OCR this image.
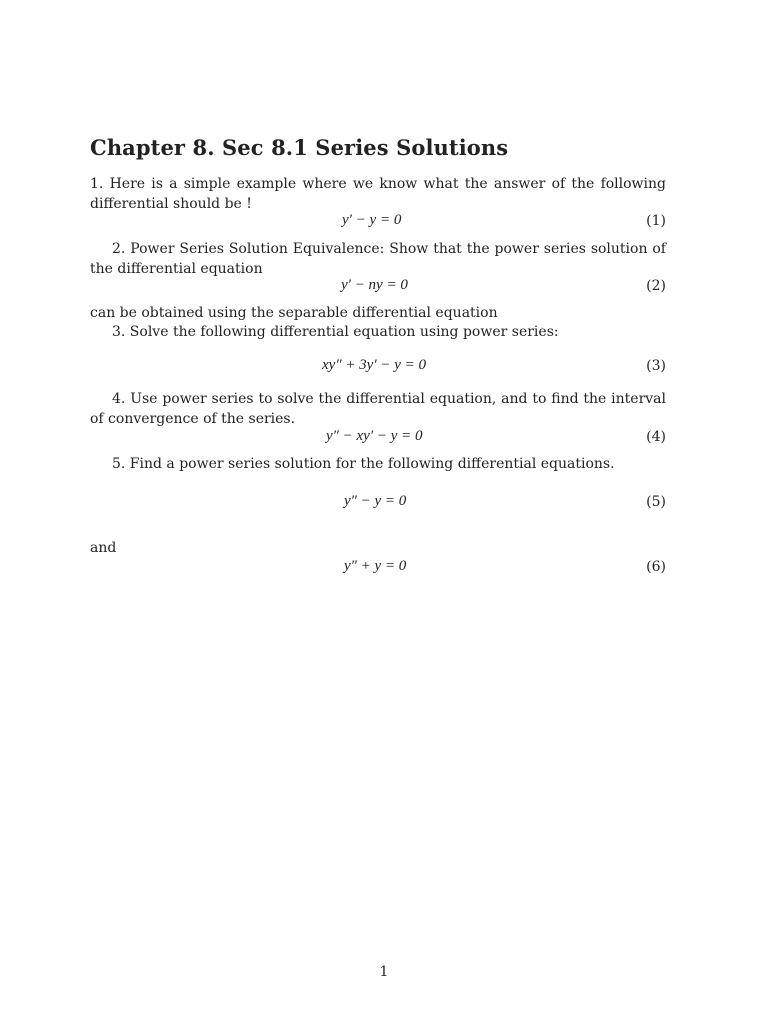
Chapter 8. Sec 8.1 Series Solutions

1. Here is a simple example where we know what the answer of the following differential should be !

y′ − y = 0	(1)

2. Power Series Solution Equivalence: Show that the power series solution of the differential equation

y′ − ny = 0	(2)

can be obtained using the separable differential equation

3. Solve the following differential equation using power series:

xy″ + 3y′ − y = 0	(3)

4. Use power series to solve the differential equation, and to find the interval of convergence of the series.

y″ − xy′ − y = 0	(4)

5. Find a power series solution for the following differential equations.

y″ − y = 0	(5)

and

y″ + y = 0	(6)
1
